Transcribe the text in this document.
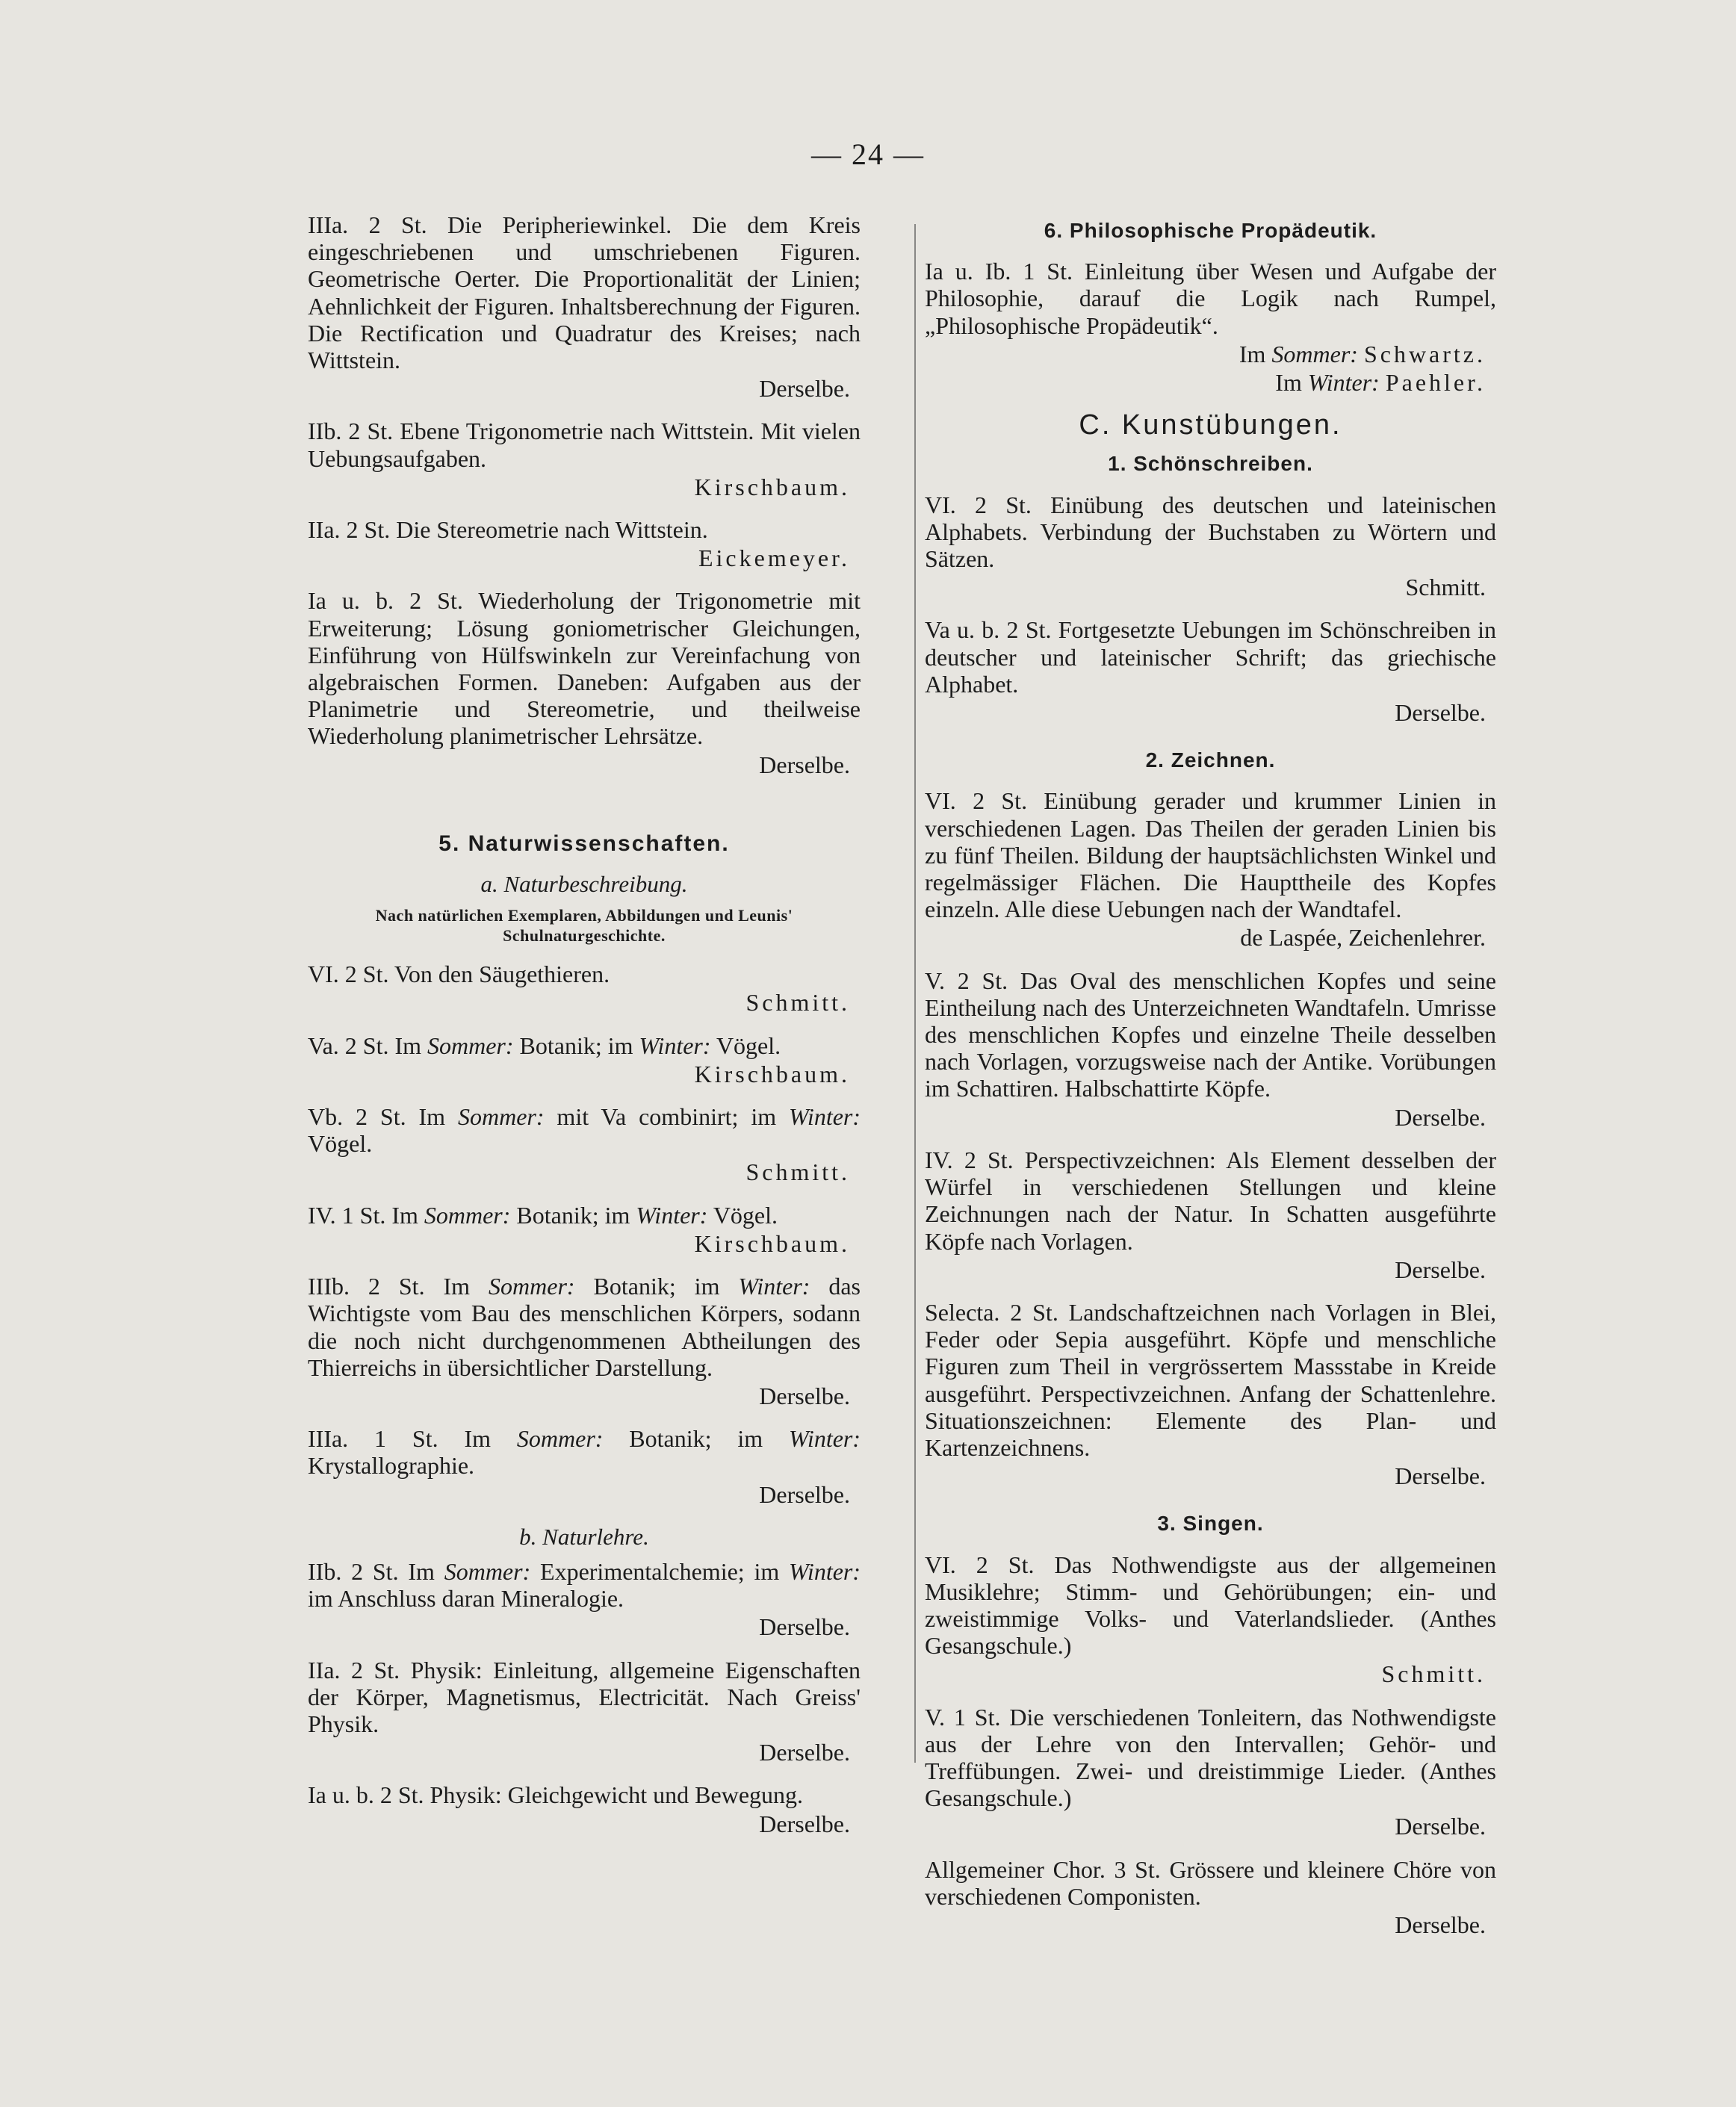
— 24 —
IIIa. 2 St. Die Peripheriewinkel. Die dem Kreis eingeschriebenen und umschriebenen Figuren. Geometrische Oerter. Die Proportionalität der Linien; Aehnlichkeit der Figuren. Inhaltsberechnung der Figuren. Die Rectification und Quadratur des Kreises; nach Wittstein.
Derselbe.
IIb. 2 St. Ebene Trigonometrie nach Wittstein. Mit vielen Uebungsaufgaben.
Kirschbaum.
IIa. 2 St. Die Stereometrie nach Wittstein.
Eickemeyer.
Ia u. b. 2 St. Wiederholung der Trigonometrie mit Erweiterung; Lösung goniometrischer Gleichungen, Einführung von Hülfswinkeln zur Vereinfachung von algebraischen Formen. Daneben: Aufgaben aus der Planimetrie und Stereometrie, und theilweise Wiederholung planimetrischer Lehrsätze.
Derselbe.
5. Naturwissenschaften.
a. Naturbeschreibung.
Nach natürlichen Exemplaren, Abbildungen und Leunis' Schulnaturgeschichte.
VI. 2 St. Von den Säugethieren.
Schmitt.
Va. 2 St. Im Sommer: Botanik; im Winter: Vögel.
Kirschbaum.
Vb. 2 St. Im Sommer: mit Va combinirt; im Winter: Vögel.
Schmitt.
IV. 1 St. Im Sommer: Botanik; im Winter: Vögel.
Kirschbaum.
IIIb. 2 St. Im Sommer: Botanik; im Winter: das Wichtigste vom Bau des menschlichen Körpers, sodann die noch nicht durchgenommenen Abtheilungen des Thierreichs in übersichtlicher Darstellung.
Derselbe.
IIIa. 1 St. Im Sommer: Botanik; im Winter: Krystallographie.
Derselbe.
b. Naturlehre.
IIb. 2 St. Im Sommer: Experimentalchemie; im Winter: im Anschluss daran Mineralogie.
Derselbe.
IIa. 2 St. Physik: Einleitung, allgemeine Eigenschaften der Körper, Magnetismus, Electricität. Nach Greiss' Physik.
Derselbe.
Ia u. b. 2 St. Physik: Gleichgewicht und Bewegung.
Derselbe.
6. Philosophische Propädeutik.
Ia u. Ib. 1 St. Einleitung über Wesen und Aufgabe der Philosophie, darauf die Logik nach Rumpel, „Philosophische Propädeutik“.
Im Sommer: Schwartz.
Im Winter: Paehler.
C. Kunstübungen.
1. Schönschreiben.
VI. 2 St. Einübung des deutschen und lateinischen Alphabets. Verbindung der Buchstaben zu Wörtern und Sätzen.
Schmitt.
Va u. b. 2 St. Fortgesetzte Uebungen im Schönschreiben in deutscher und lateinischer Schrift; das griechische Alphabet.
Derselbe.
2. Zeichnen.
VI. 2 St. Einübung gerader und krummer Linien in verschiedenen Lagen. Das Theilen der geraden Linien bis zu fünf Theilen. Bildung der hauptsächlichsten Winkel und regelmässiger Flächen. Die Haupttheile des Kopfes einzeln. Alle diese Uebungen nach der Wandtafel.
de Laspée, Zeichenlehrer.
V. 2 St. Das Oval des menschlichen Kopfes und seine Eintheilung nach des Unterzeichneten Wandtafeln. Umrisse des menschlichen Kopfes und einzelne Theile desselben nach Vorlagen, vorzugsweise nach der Antike. Vorübungen im Schattiren. Halbschattirte Köpfe.
Derselbe.
IV. 2 St. Perspectivzeichnen: Als Element desselben der Würfel in verschiedenen Stellungen und kleine Zeichnungen nach der Natur. In Schatten ausgeführte Köpfe nach Vorlagen.
Derselbe.
Selecta. 2 St. Landschaftzeichnen nach Vorlagen in Blei, Feder oder Sepia ausgeführt. Köpfe und menschliche Figuren zum Theil in vergrössertem Massstabe in Kreide ausgeführt. Perspectivzeichnen. Anfang der Schattenlehre. Situationszeichnen: Elemente des Plan- und Kartenzeichnens.
Derselbe.
3. Singen.
VI. 2 St. Das Nothwendigste aus der allgemeinen Musiklehre; Stimm- und Gehörübungen; ein- und zweistimmige Volks- und Vaterlandslieder. (Anthes Gesangschule.)
Schmitt.
V. 1 St. Die verschiedenen Tonleitern, das Nothwendigste aus der Lehre von den Intervallen; Gehör- und Treffübungen. Zwei- und dreistimmige Lieder. (Anthes Gesangschule.)
Derselbe.
Allgemeiner Chor. 3 St. Grössere und kleinere Chöre von verschiedenen Componisten.
Derselbe.
